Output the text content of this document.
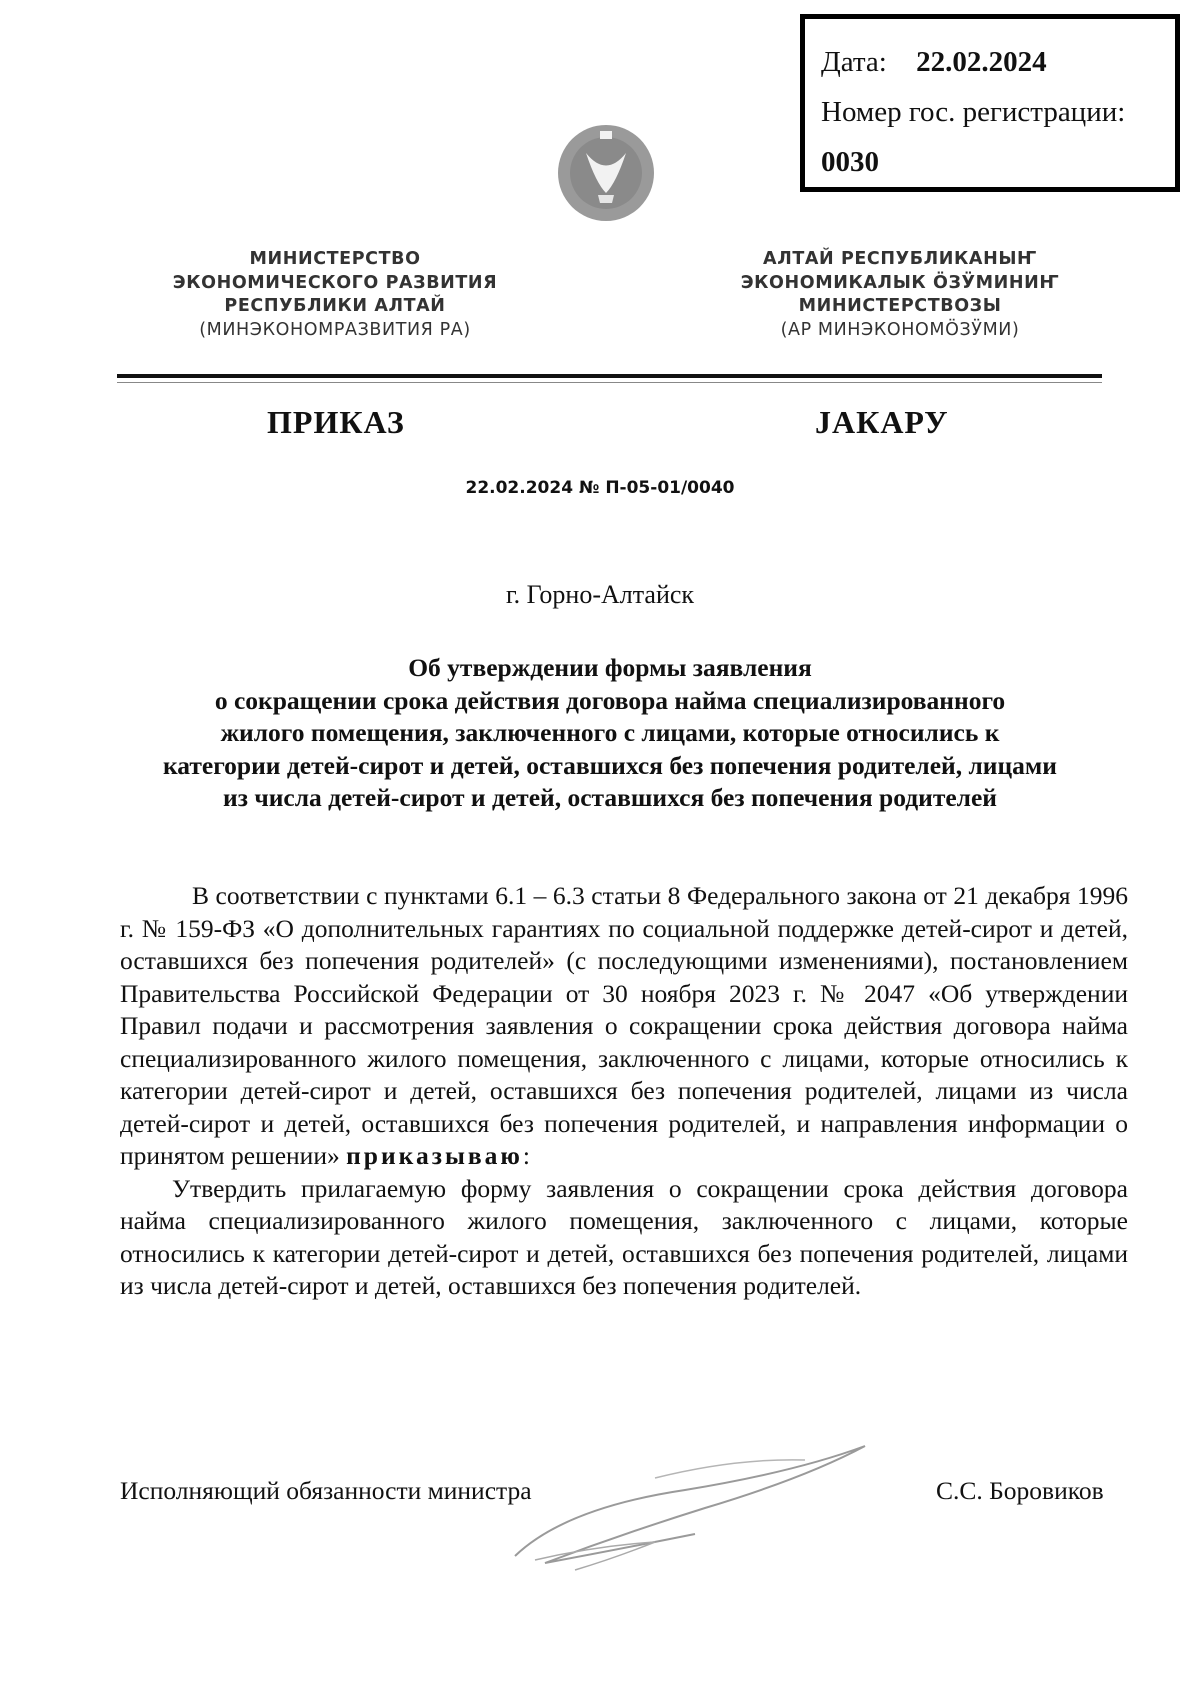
Дата: 22.02.2024
Номер гос. регистрации:
0030
МИНИСТЕРСТВО
ЭКОНОМИЧЕСКОГО РАЗВИТИЯ
РЕСПУБЛИКИ АЛТАЙ
(МИНЭКОНОМРАЗВИТИЯ РА)
АЛТАЙ РЕСПУБЛИКАНЫҤ
ЭКОНОМИКАЛЫК ӦЗӰМИНИҤ
МИНИСТЕРСТВОЗЫ
(АР МИНЭКОНОМӦЗӰМИ)
ПРИКАЗ	ЈАКАРУ
22.02.2024 № П-05-01/0040
г. Горно-Алтайск
Об утверждении формы заявления
о сокращении срока действия договора найма специализированного
жилого помещения, заключенного с лицами, которые относились к
категории детей-сирот и детей, оставшихся без попечения родителей, лицами
из числа детей-сирот и детей, оставшихся без попечения родителей

В соответствии с пунктами 6.1 – 6.3 статьи 8 Федерального закона от 21 декабря 1996 г. № 159-ФЗ «О дополнительных гарантиях по социальной поддержке детей-сирот и детей, оставшихся без попечения родителей» (с последующими изменениями), постановлением Правительства Российской Федерации от 30 ноября 2023 г. № 2047 «Об утверждении Правил подачи и рассмотрения заявления о сокращении срока действия договора найма специализированного жилого помещения, заключенного с лицами, которые относились к категории детей-сирот и детей, оставшихся без попечения родителей, лицами из числа детей-сирот и детей, оставшихся без попечения родителей, и направления информации о принятом решении» приказываю:

Утвердить прилагаемую форму заявления о сокращении срока действия договора найма специализированного жилого помещения, заключенного с лицами, которые относились к категории детей-сирот и детей, оставшихся без попечения родителей, лицами из числа детей-сирот и детей, оставшихся без попечения родителей.

Исполняющий обязанности министра	С.С. Боровиков
